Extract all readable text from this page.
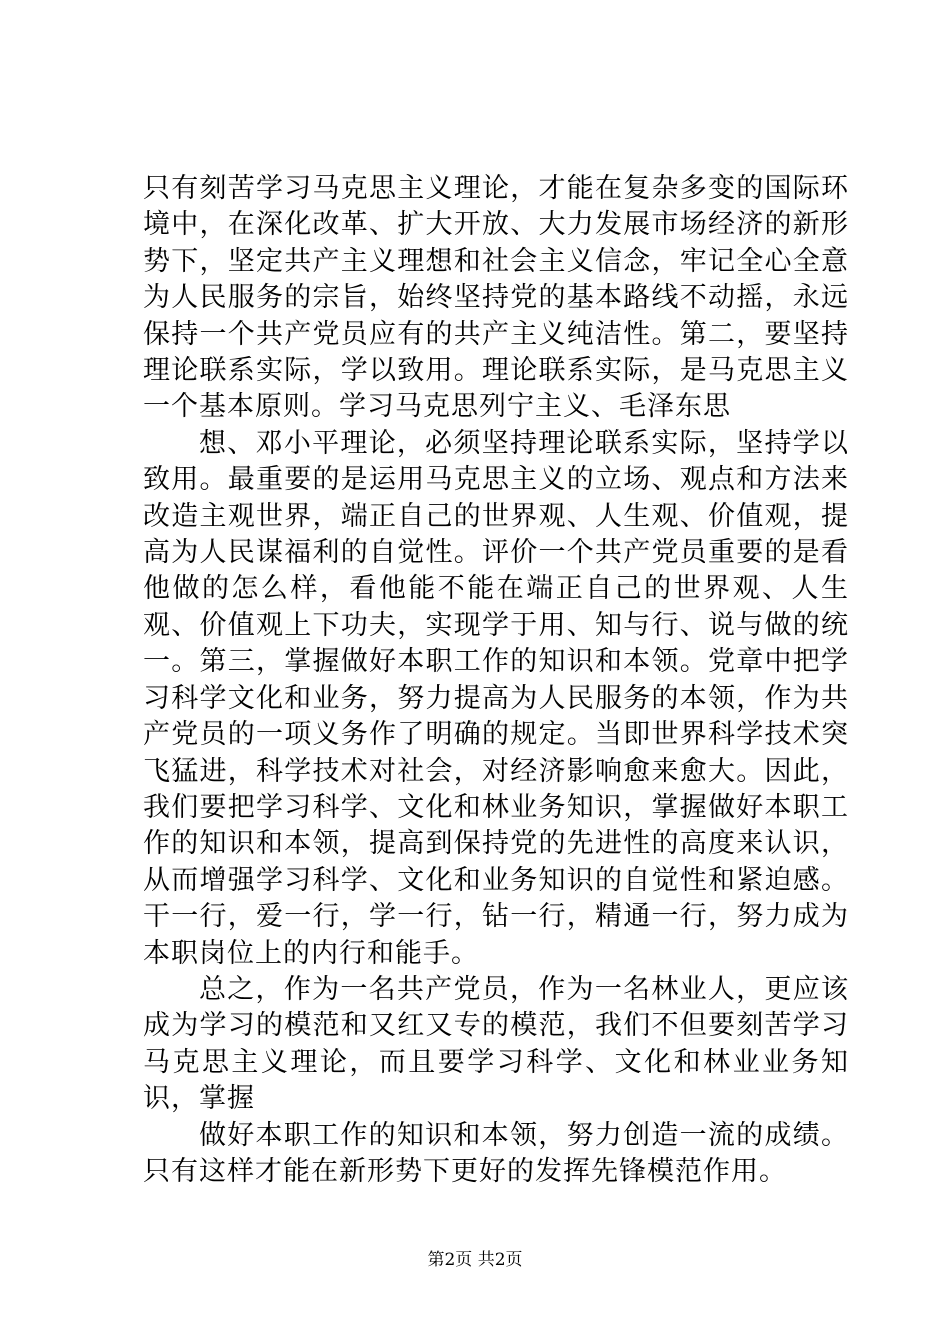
只有刻苦学习马克思主义理论，才能在复杂多变的国际环境中，在深化改革、扩大开放、大力发展市场经济的新形势下，坚定共产主义理想和社会主义信念，牢记全心全意为人民服务的宗旨，始终坚持党的基本路线不动摇，永远保持一个共产党员应有的共产主义纯洁性。第二，要坚持理论联系实际，学以致用。理论联系实际，是马克思主义一个基本原则。学习马克思列宁主义、毛泽东思

想、邓小平理论，必须坚持理论联系实际，坚持学以致用。最重要的是运用马克思主义的立场、观点和方法来改造主观世界，端正自己的世界观、人生观、价值观，提高为人民谋福利的自觉性。评价一个共产党员重要的是看他做的怎么样，看他能不能在端正自己的世界观、人生观、价值观上下功夫，实现学于用、知与行、说与做的统一。第三，掌握做好本职工作的知识和本领。党章中把学习科学文化和业务，努力提高为人民服务的本领，作为共产党员的一项义务作了明确的规定。当即世界科学技术突飞猛进，科学技术对社会，对经济影响愈来愈大。因此，我们要把学习科学、文化和林业务知识，掌握做好本职工作的知识和本领，提高到保持党的先进性的高度来认识，从而增强学习科学、文化和业务知识的自觉性和紧迫感。干一行，爱一行，学一行，钻一行，精通一行，努力成为本职岗位上的内行和能手。

总之，作为一名共产党员，作为一名林业人，更应该成为学习的模范和又红又专的模范，我们不但要刻苦学习马克思主义理论，而且要学习科学、文化和林业业务知识，掌握

做好本职工作的知识和本领，努力创造一流的成绩。只有这样才能在新形势下更好的发挥先锋模范作用。

第2页 共2页
